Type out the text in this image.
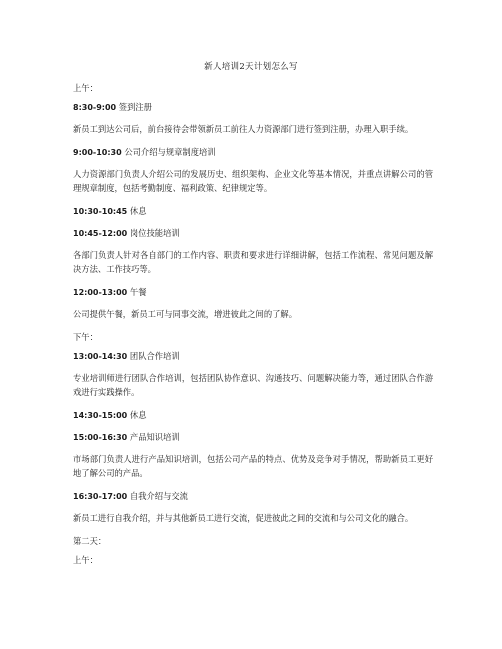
新人培训2天计划怎么写
上午：
8:30-9:00 签到注册
新员工到达公司后，前台接待会带领新员工前往人力资源部门进行签到注册，办理入职手续。
9:00-10:30 公司介绍与规章制度培训
人力资源部门负责人介绍公司的发展历史、组织架构、企业文化等基本情况，并重点讲解公司的管理规章制度，包括考勤制度、福利政策、纪律规定等。
10:30-10:45 休息
10:45-12:00 岗位技能培训
各部门负责人针对各自部门的工作内容、职责和要求进行详细讲解，包括工作流程、常见问题及解决方法、工作技巧等。
12:00-13:00 午餐
公司提供午餐，新员工可与同事交流，增进彼此之间的了解。
下午：
13:00-14:30 团队合作培训
专业培训师进行团队合作培训，包括团队协作意识、沟通技巧、问题解决能力等，通过团队合作游戏进行实践操作。
14:30-15:00 休息
15:00-16:30 产品知识培训
市场部门负责人进行产品知识培训，包括公司产品的特点、优势及竞争对手情况，帮助新员工更好地了解公司的产品。
16:30-17:00 自我介绍与交流
新员工进行自我介绍，并与其他新员工进行交流，促进彼此之间的交流和与公司文化的融合。
第二天：
上午：
